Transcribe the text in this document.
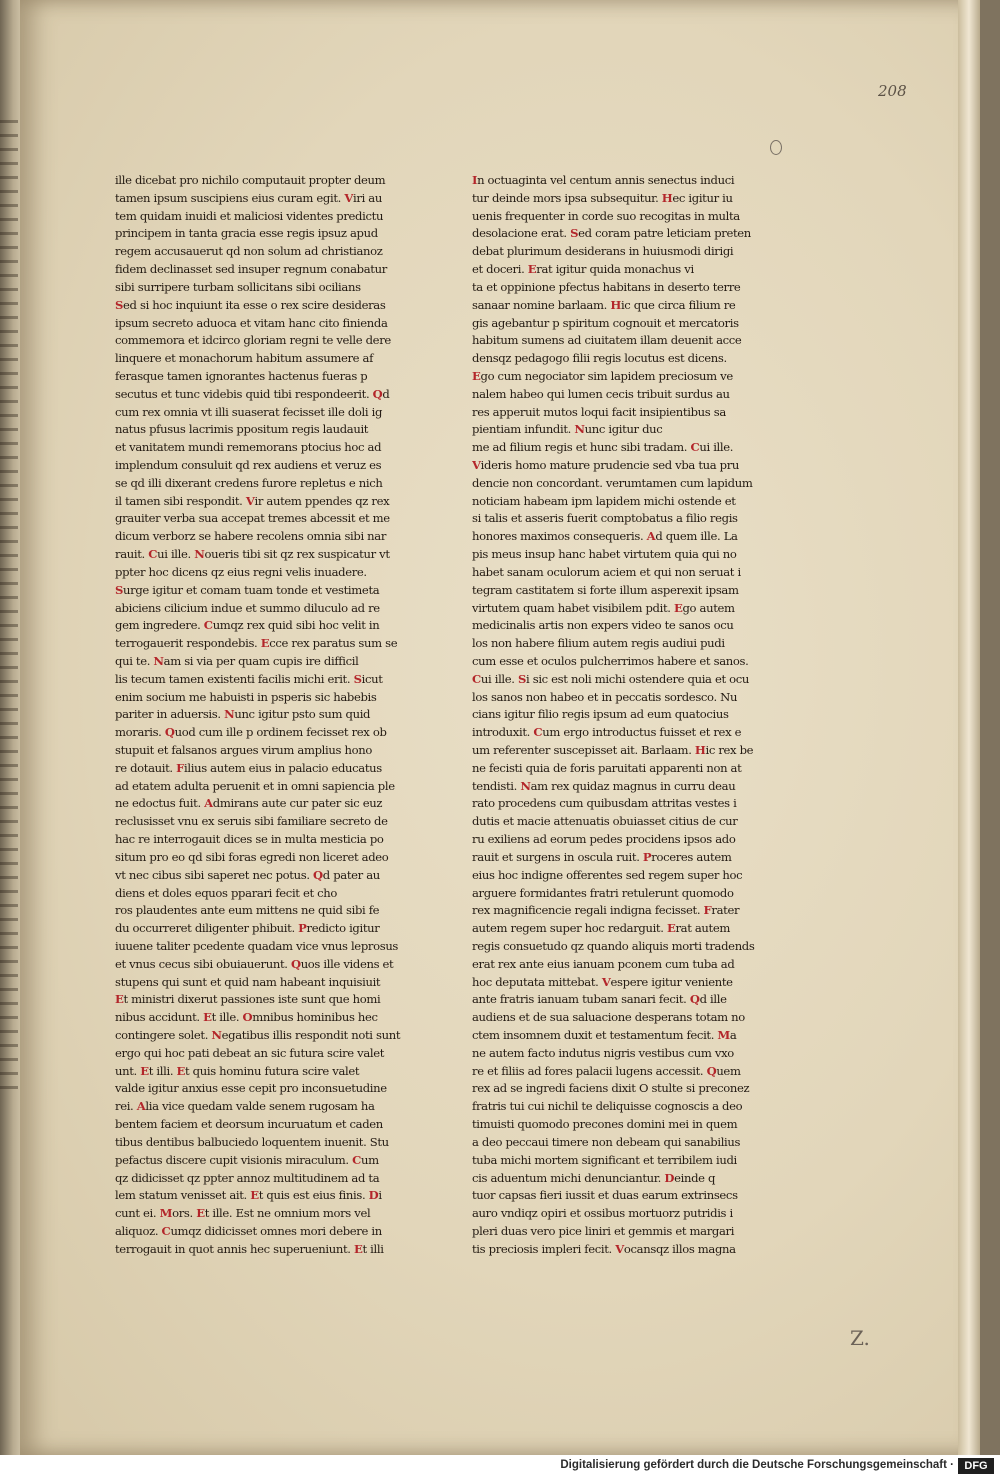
208
Z.
ille dicebat pro nichilo computauit propter deum
tamen ipsum suscipiens eius curam egit. Viri au
tem quidam inuidi et maliciosi videntes predictu
principem in tanta gracia esse regis ipsuz apud
regem accusauerut qd non solum ad christianoz
fidem declinasset sed insuper regnum conabatur
sibi surripere turbam sollicitans sibi ocilians
Sed si hoc inquiunt ita esse o rex scire desideras
ipsum secreto aduoca et vitam hanc cito finienda
commemora et idcirco gloriam regni te velle dere
linquere et monachorum habitum assumere af
ferasque tamen ignorantes hactenus fueras p
secutus et tunc videbis quid tibi respondeerit. Qd
cum rex omnia vt illi suaserat fecisset ille doli ig
natus pfusus lacrimis ppositum regis laudauit
et vanitatem mundi rememorans ptocius hoc ad
implendum consuluit qd rex audiens et veruz es
se qd illi dixerant credens furore repletus e nich
il tamen sibi respondit. Vir autem ppendes qz rex
grauiter verba sua accepat tremes abcessit et me
dicum verborz se habere recolens omnia sibi nar
rauit. Cui ille. Noueris tibi sit qz rex suspicatur vt
ppter hoc dicens qz eius regni velis inuadere.
Surge igitur et comam tuam tonde et vestimeta
abiciens cilicium indue et summo diluculo ad re
gem ingredere. Cumqz rex quid sibi hoc velit in
terrogauerit respondebis. Ecce rex paratus sum se
qui te. Nam si via per quam cupis ire difficil
lis tecum tamen existenti facilis michi erit. Sicut
enim socium me habuisti in psperis sic habebis
pariter in aduersis. Nunc igitur psto sum quid
moraris. Quod cum ille p ordinem fecisset rex ob
stupuit et falsanos argues virum amplius hono
re dotauit. Filius autem eius in palacio educatus
ad etatem adulta peruenit et in omni sapiencia ple
ne edoctus fuit. Admirans aute cur pater sic euz
reclusisset vnu ex seruis sibi familiare secreto de
hac re interrogauit dices se in multa mesticia po
situm pro eo qd sibi foras egredi non liceret adeo
vt nec cibus sibi saperet nec potus. Qd pater au
diens et doles equos pparari fecit et cho
ros plaudentes ante eum mittens ne quid sibi fe
du occurreret diligenter phibuit. Predicto igitur
iuuene taliter pcedente quadam vice vnus leprosus
et vnus cecus sibi obuiauerunt. Quos ille videns et
stupens qui sunt et quid nam habeant inquisiuit
Et ministri dixerut passiones iste sunt que homi
nibus accidunt. Et ille. Omnibus hominibus hec
contingere solet. Negatibus illis respondit noti sunt
ergo qui hoc pati debeat an sic futura scire valet
unt. Et illi. Et quis hominu futura scire valet
valde igitur anxius esse cepit pro inconsuetudine
rei. Alia vice quedam valde senem rugosam ha
bentem faciem et deorsum incuruatum et caden
tibus dentibus balbuciedo loquentem inuenit. Stu
pefactus discere cupit visionis miraculum. Cum
qz didicisset qz ppter annoz multitudinem ad ta
lem statum venisset ait. Et quis est eius finis. Di
cunt ei. Mors. Et ille. Est ne omnium mors vel
aliquoz. Cumqz didicisset omnes mori debere in
terrogauit in quot annis hec superueniunt. Et illi
In octuaginta vel centum annis senectus induci
tur deinde mors ipsa subsequitur. Hec igitur iu
uenis frequenter in corde suo recogitas in multa
desolacione erat. Sed coram patre leticiam preten
debat plurimum desiderans in huiusmodi dirigi
et doceri. Erat igitur quida monachus vi
ta et oppinione pfectus habitans in deserto terre
sanaar nomine barlaam. Hic que circa filium re
gis agebantur p spiritum cognouit et mercatoris
habitum sumens ad ciuitatem illam deuenit acce
densqz pedagogo filii regis locutus est dicens.
Ego cum negociator sim lapidem preciosum ve
nalem habeo qui lumen cecis tribuit surdus au
res apperuit mutos loqui facit insipientibus sa
pientiam infundit. Nunc igitur duc
me ad filium regis et hunc sibi tradam. Cui ille.
Videris homo mature prudencie sed vba tua pru
dencie non concordant. verumtamen cum lapidum
noticiam habeam ipm lapidem michi ostende et
si talis et asseris fuerit comptobatus a filio regis
honores maximos consequeris. Ad quem ille. La
pis meus insup hanc habet virtutem quia qui no
habet sanam oculorum aciem et qui non seruat i
tegram castitatem si forte illum asperexit ipsam
virtutem quam habet visibilem pdit. Ego autem
medicinalis artis non expers video te sanos ocu
los non habere filium autem regis audiui pudi
cum esse et oculos pulcherrimos habere et sanos.
Cui ille. Si sic est noli michi ostendere quia et ocu
los sanos non habeo et in peccatis sordesco. Nu
cians igitur filio regis ipsum ad eum quatocius
introduxit. Cum ergo introductus fuisset et rex e
um referenter suscepisset ait. Barlaam. Hic rex be
ne fecisti quia de foris paruitati apparenti non at
tendisti. Nam rex quidaz magnus in curru deau
rato procedens cum quibusdam attritas vestes i
dutis et macie attenuatis obuiasset citius de cur
ru exiliens ad eorum pedes procidens ipsos ado
rauit et surgens in oscula ruit. Proceres autem
eius hoc indigne offerentes sed regem super hoc
arguere formidantes fratri retulerunt quomodo
rex magnificencie regali indigna fecisset. Frater
autem regem super hoc redarguit. Erat autem
regis consuetudo qz quando aliquis morti tradends
erat rex ante eius ianuam pconem cum tuba ad
hoc deputata mittebat. Vespere igitur veniente
ante fratris ianuam tubam sanari fecit. Qd ille
audiens et de sua saluacione desperans totam no
ctem insomnem duxit et testamentum fecit. Ma
ne autem facto indutus nigris vestibus cum vxo
re et filiis ad fores palacii lugens accessit. Quem
rex ad se ingredi faciens dixit O stulte si preconez
fratris tui cui nichil te deliquisse cognoscis a deo
timuisti quomodo precones domini mei in quem
a deo peccaui timere non debeam qui sanabilius
tuba michi mortem significant et terribilem iudi
cis aduentum michi denunciantur. Deinde q
tuor capsas fieri iussit et duas earum extrinsecs
auro vndiqz opiri et ossibus mortuorz putridis i
pleri duas vero pice liniri et gemmis et margari
tis preciosis impleri fecit. Vocansqz illos magna
Digitalisierung gefördert durch die Deutsche Forschungsgemeinschaft · DFG
